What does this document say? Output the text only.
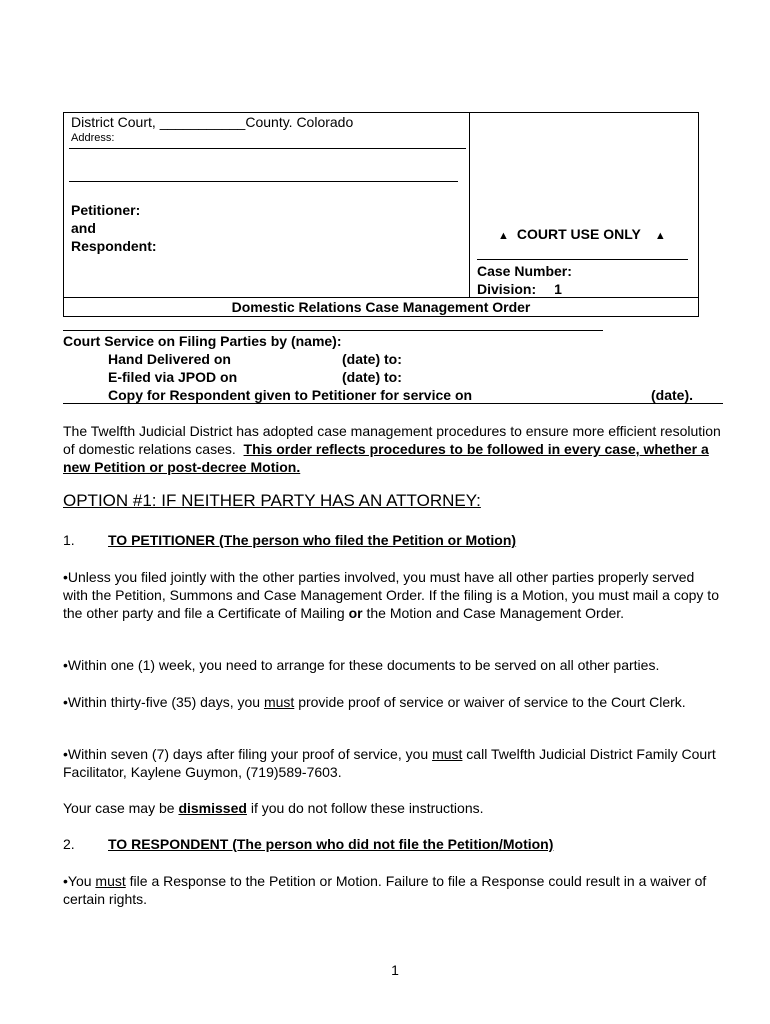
District Court, ___________County. Colorado
Address:
Petitioner:
and
Respondent:
▲ COURT USE ONLY ▲
Case Number:
Division: 1
Domestic Relations Case Management Order
Court Service on Filing Parties by (name):
Hand Delivered on	(date) to:
E-filed via JPOD on	(date) to:
Copy for Respondent given to Petitioner for service on	(date).

The Twelfth Judicial District has adopted case management procedures to ensure more efficient resolution of domestic relations cases. This order reflects procedures to be followed in every case, whether a new Petition or post-decree Motion.

OPTION #1: IF NEITHER PARTY HAS AN ATTORNEY:
1. TO PETITIONER (The person who filed the Petition or Motion)

•Unless you filed jointly with the other parties involved, you must have all other parties properly served with the Petition, Summons and Case Management Order. If the filing is a Motion, you must mail a copy to the other party and file a Certificate of Mailing or the Motion and Case Management Order.

•Within one (1) week, you need to arrange for these documents to be served on all other parties.

•Within thirty-five (35) days, you must provide proof of service or waiver of service to the Court Clerk.

•Within seven (7) days after filing your proof of service, you must call Twelfth Judicial District Family Court Facilitator, Kaylene Guymon, (719)589-7603.

Your case may be dismissed if you do not follow these instructions.

2. TO RESPONDENT (The person who did not file the Petition/Motion)

•You must file a Response to the Petition or Motion. Failure to file a Response could result in a waiver of certain rights.

1
